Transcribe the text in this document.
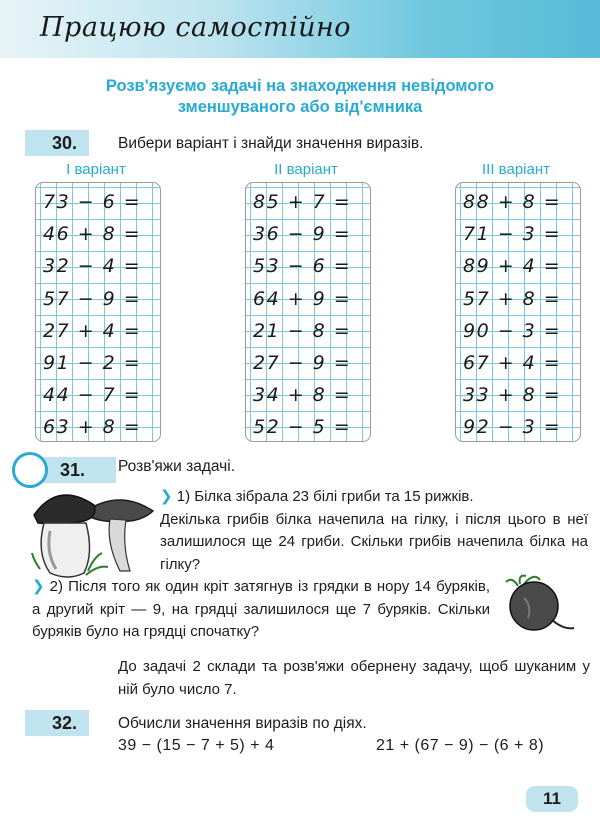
Працюю самостійно
Розв'язуємо задачі на знаходження невідомого
зменшуваного або від'ємника
30.	Вибери варіант і знайди значення виразів.
I варіант	II варіант	III варіант
73 − 6 =
46 + 8 =
32 − 4 =
57 − 9 =
27 + 4 =
91 − 2 =
44 − 7 =
63 + 8 =
85 + 7 =
36 − 9 =
53 − 6 =
64 + 9 =
21 − 8 =
27 − 9 =
34 + 8 =
52 − 5 =
88 + 8 =
71 − 3 =
89 + 4 =
57 + 8 =
90 − 3 =
67 + 4 =
33 + 8 =
92 − 3 =
31. Розв'яжи задачі.
❯ 1) Білка зібрала 23 білі гриби та 15 рижків.
Декілька грибів білка начепила на гілку, і після цього в неї залишилося ще 24 гриби. Скільки грибів начепила білка на гілку?
❯ 2) Після того як один кріт затягнув із грядки в нору 14 буряків, а другий кріт — 9, на грядці залишилося ще 7 буряків. Скільки буряків було на грядці спочатку?
До задачі 2 склади та розв'яжи обернену задачу, щоб шуканим у ній було число 7.
32.	Обчисли значення виразів по діях.
39 − (15 − 7 + 5) + 4	21 + (67 − 9) − (6 + 8)
11
